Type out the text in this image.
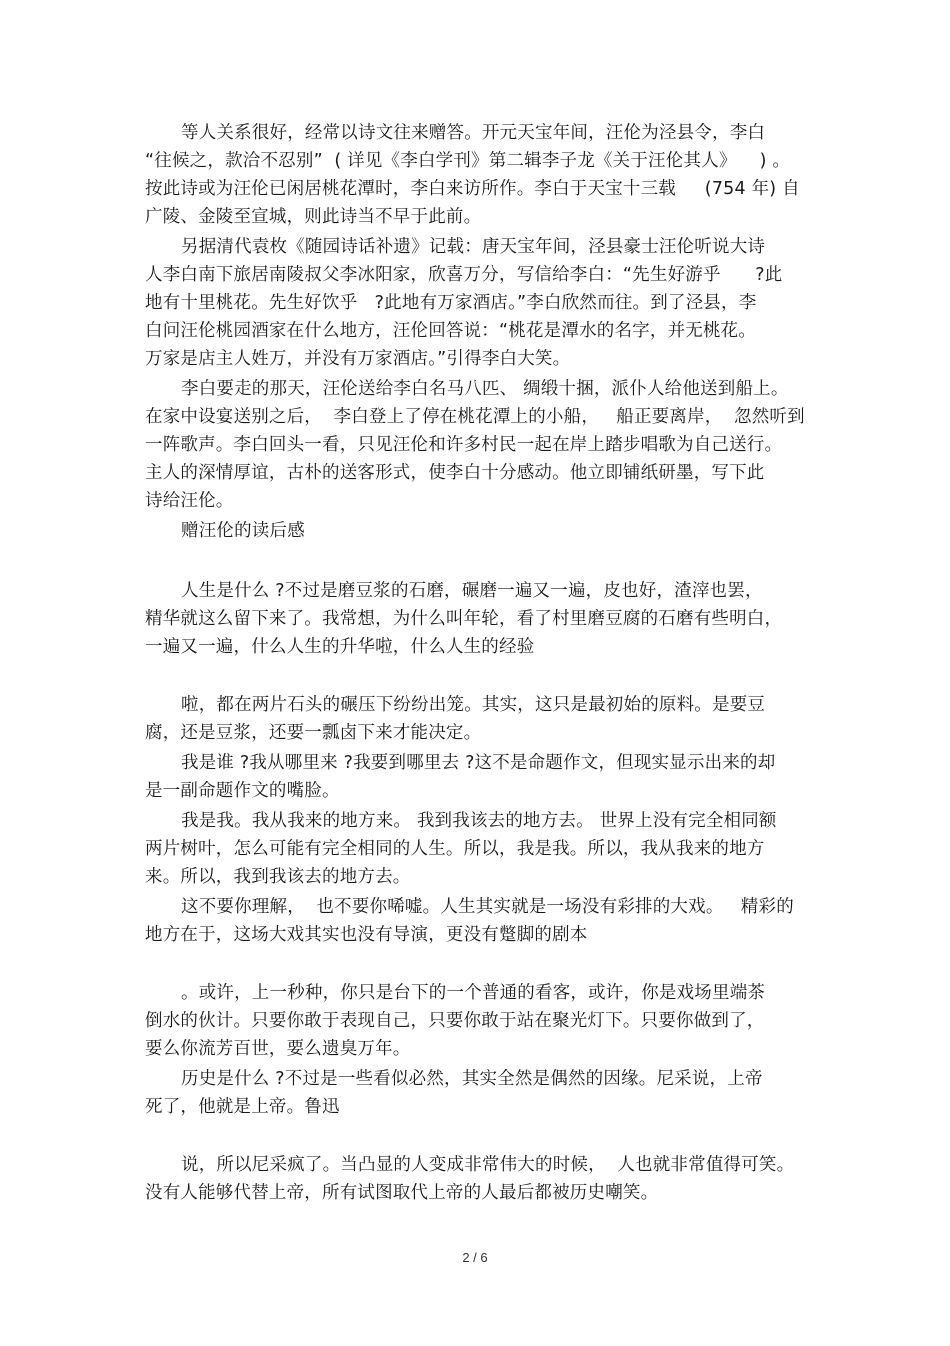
等人关系很好，经常以诗文往来赠答。开元天宝年间，汪伦为泾县令，李白
“往候之，款洽不忍别”  ( 详见《李白学刊》第二辑李子龙《关于汪伦其人》    ) 。
按此诗或为汪伦已闲居桃花潭时，李白来访所作。李白于天宝十三载     (754 年) 自
广陵、金陵至宣城，则此诗当不早于此前。
另据清代袁枚《随园诗话补遗》记载：唐天宝年间，泾县豪士汪伦听说大诗
人李白南下旅居南陵叔父李冰阳家，欣喜万分，写信给李白：“先生好游乎      ?此
地有十里桃花。先生好饮乎   ?此地有万家酒店。”李白欣然而往。到了泾县，李
白问汪伦桃园酒家在什么地方，汪伦回答说：“桃花是潭水的名字，并无桃花。
万家是店主人姓万，并没有万家酒店。”引得李白大笑。
李白要走的那天，汪伦送给李白名马八匹、 绸缎十捆，派仆人给他送到船上。
在家中设宴送别之后，  李白登上了停在桃花潭上的小船，   船正要离岸，  忽然听到
一阵歌声。李白回头一看，只见汪伦和许多村民一起在岸上踏步唱歌为自己送行。
主人的深情厚谊，古朴的送客形式，使李白十分感动。他立即铺纸研墨，写下此
诗给汪伦。
赠汪伦的读后感
人生是什么 ?不过是磨豆浆的石磨，碾磨一遍又一遍，皮也好，渣滓也罢，
精华就这么留下来了。我常想，为什么叫年轮，看了村里磨豆腐的石磨有些明白，
一遍又一遍，什么人生的升华啦，什么人生的经验
啦，都在两片石头的碾压下纷纷出笼。其实，这只是最初始的原料。是要豆
腐，还是豆浆，还要一瓢卤下来才能决定。
我是谁 ?我从哪里来 ?我要到哪里去 ?这不是命题作文，但现实显示出来的却
是一副命题作文的嘴脸。
我是我。我从我来的地方来。 我到我该去的地方去。 世界上没有完全相同额
两片树叶，怎么可能有完全相同的人生。所以，我是我。所以，我从我来的地方
来。所以，我到我该去的地方去。
这不要你理解，  也不要你唏嘘。人生其实就是一场没有彩排的大戏。   精彩的
地方在于，这场大戏其实也没有导演，更没有蹩脚的剧本
。或许，上一秒种，你只是台下的一个普通的看客，或许，你是戏场里端茶
倒水的伙计。只要你敢于表现自己，只要你敢于站在聚光灯下。只要你做到了，
要么你流芳百世，要么遗臭万年。
历史是什么 ?不过是一些看似必然，其实全然是偶然的因缘。尼采说，上帝
死了，他就是上帝。鲁迅
说，所以尼采疯了。当凸显的人变成非常伟大的时候，  人也就非常值得可笑。
没有人能够代替上帝，所有试图取代上帝的人最后都被历史嘲笑。
2 / 6
